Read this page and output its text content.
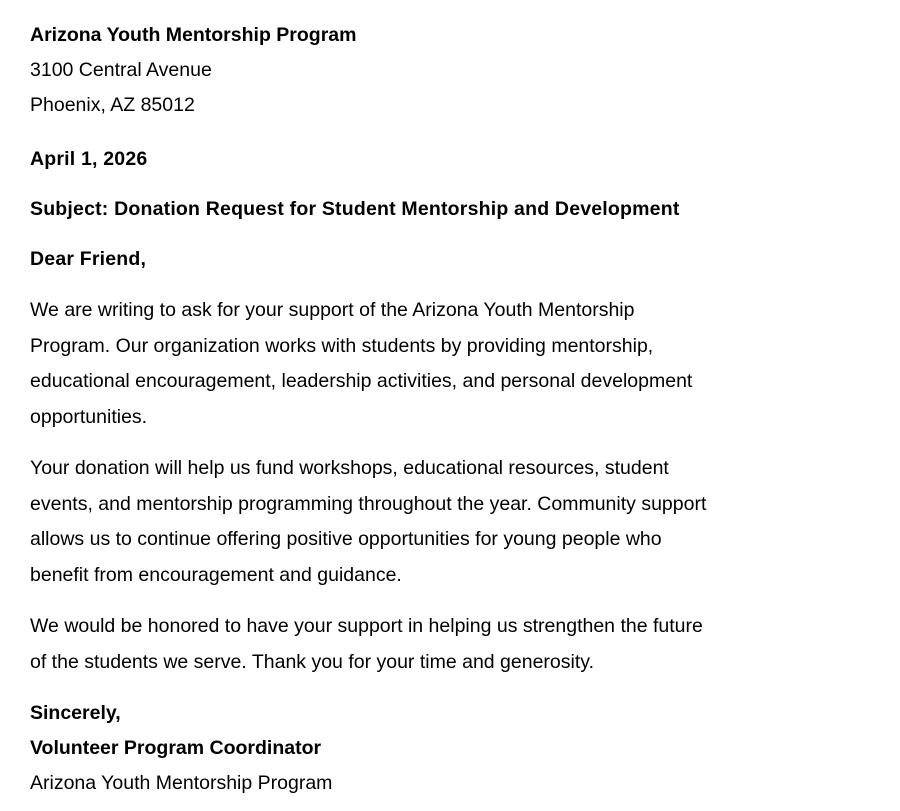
Arizona Youth Mentorship Program
3100 Central Avenue
Phoenix, AZ 85012
April 1, 2026
Subject: Donation Request for Student Mentorship and Development
Dear Friend,
We are writing to ask for your support of the Arizona Youth Mentorship
Program. Our organization works with students by providing mentorship,
educational encouragement, leadership activities, and personal development
opportunities.
Your donation will help us fund workshops, educational resources, student
events, and mentorship programming throughout the year. Community support
allows us to continue offering positive opportunities for young people who
benefit from encouragement and guidance.
We would be honored to have your support in helping us strengthen the future
of the students we serve. Thank you for your time and generosity.
Sincerely,
Volunteer Program Coordinator
Arizona Youth Mentorship Program
